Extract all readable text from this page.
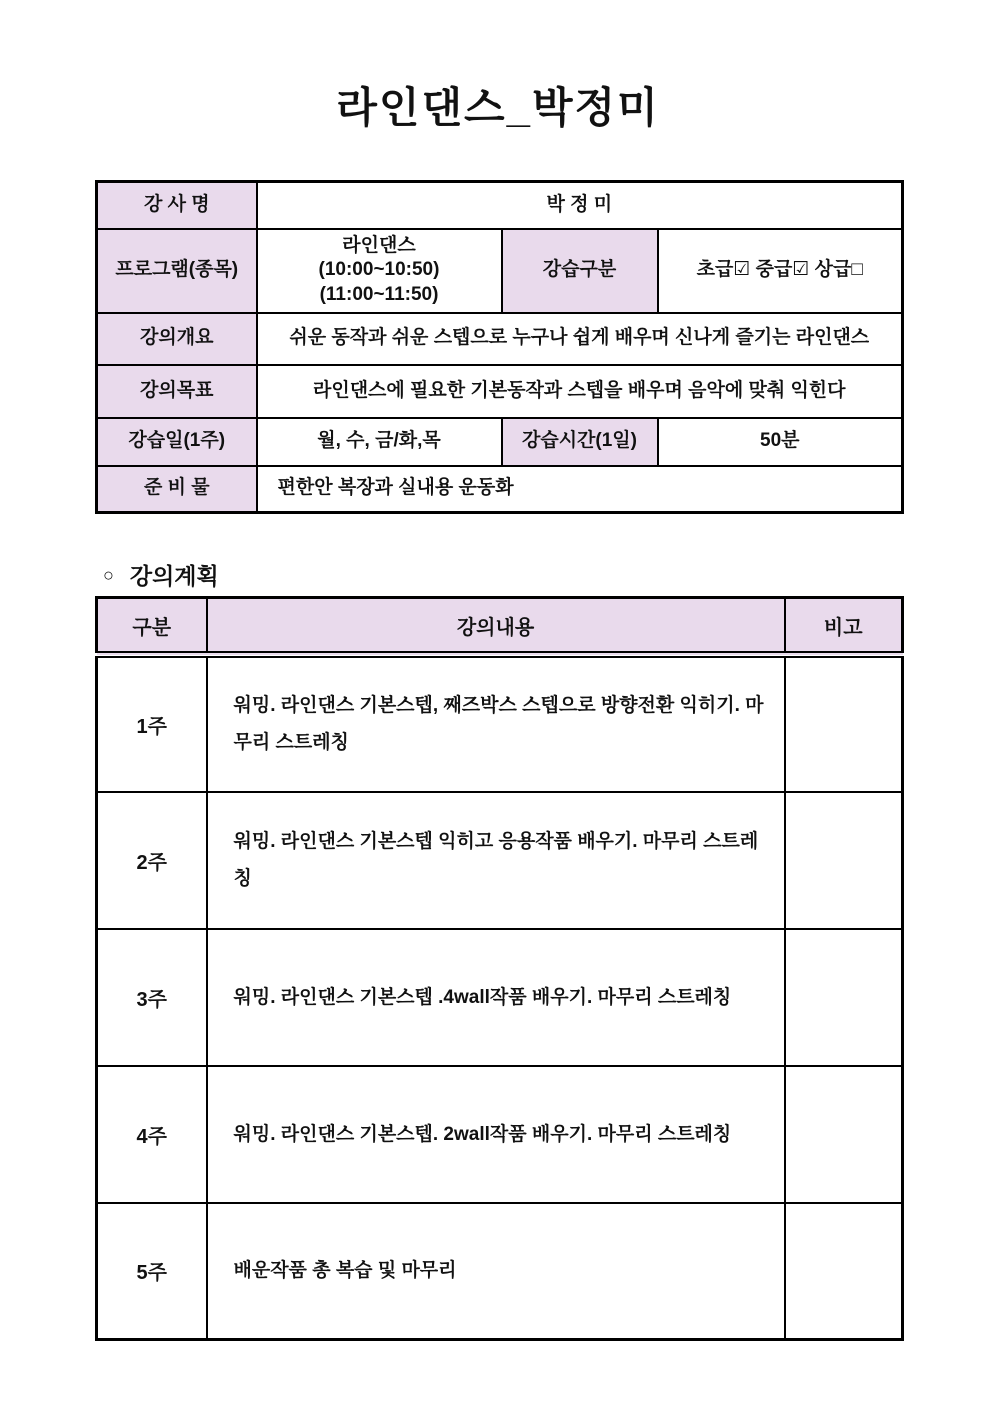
라인댄스_박정미
강 사 명	박 정 미		
프로그램(종목)	라인댄스
(10:00~10:50)
(11:00~11:50)	강습구분	초급☑ 중급☑ 상급□
강의개요	쉬운 동작과 쉬운 스텝으로 누구나 쉽게 배우며 신나게 즐기는 라인댄스		
강의목표	라인댄스에 필요한 기본동작과 스텝을 배우며 음악에 맞춰 익힌다		
강습일(1주)	월, 수, 금/화,목	강습시간(1일)	50분
준 비 물	편한안 복장과 실내용 운동화		
○ 강의계획
구분	강의내용	비고
1주	워밍. 라인댄스 기본스텝, 째즈박스 스텝으로 방향전환 익히기. 마무리 스트레칭	
2주	워밍. 라인댄스 기본스텝 익히고 응용작품 배우기. 마무리 스트레칭	
3주	워밍. 라인댄스 기본스텝 .4wall작품 배우기. 마무리 스트레칭	
4주	워밍. 라인댄스 기본스텝. 2wall작품 배우기. 마무리 스트레칭	
5주	배운작품 총 복습 및 마무리	
